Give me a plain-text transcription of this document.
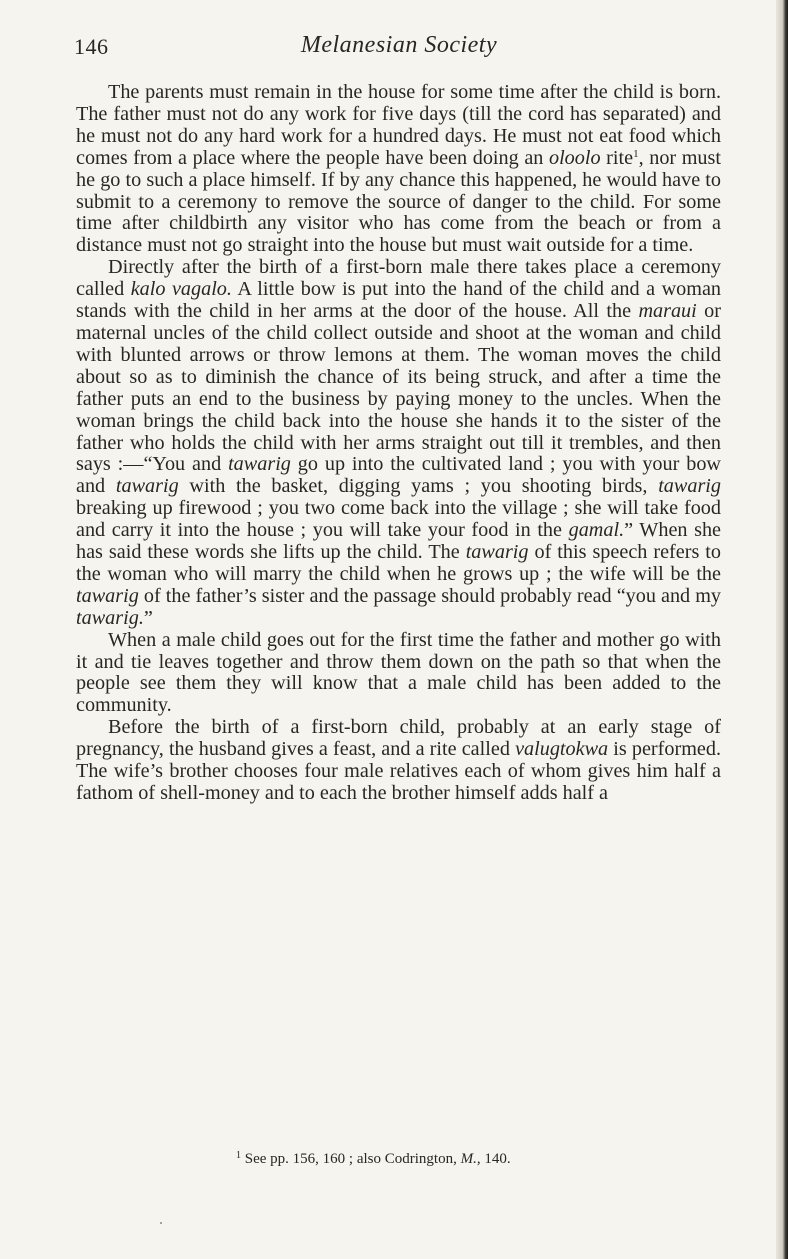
146	Melanesian Society

The parents must remain in the house for some time after the child is born. The father must not do any work for five days (till the cord has separated) and he must not do any hard work for a hundred days. He must not eat food which comes from a place where the people have been doing an oloolo rite$^1$, nor must he go to such a place himself. If by any chance this happened, he would have to submit to a ceremony to remove the source of danger to the child. For some time after childbirth any visitor who has come from the beach or from a distance must not go straight into the house but must wait outside for a time.

Directly after the birth of a first-born male there takes place a ceremony called kalo vagalo. A little bow is put into the hand of the child and a woman stands with the child in her arms at the door of the house. All the maraui or maternal uncles of the child collect outside and shoot at the woman and child with blunted arrows or throw lemons at them. The woman moves the child about so as to diminish the chance of its being struck, and after a time the father puts an end to the business by paying money to the uncles. When the woman brings the child back into the house she hands it to the sister of the father who holds the child with her arms straight out till it trembles, and then says :—“You and tawarig go up into the cultivated land ; you with your bow and tawarig with the basket, digging yams ; you shooting birds, tawarig breaking up firewood ; you two come back into the village ; she will take food and carry it into the house ; you will take your food in the gamal.” When she has said these words she lifts up the child. The tawarig of this speech refers to the woman who will marry the child when he grows up ; the wife will be the tawarig of the father’s sister and the passage should probably read “you and my tawarig.”

When a male child goes out for the first time the father and mother go with it and tie leaves together and throw them down on the path so that when the people see them they will know that a male child has been added to the community.

Before the birth of a first-born child, probably at an early stage of pregnancy, the husband gives a feast, and a rite called valugtokwa is performed. The wife’s brother chooses four male relatives each of whom gives him half a fathom of shell-money and to each the brother himself adds half a

$^1$ See pp. 156, 160 ; also Codrington, M., 140.
